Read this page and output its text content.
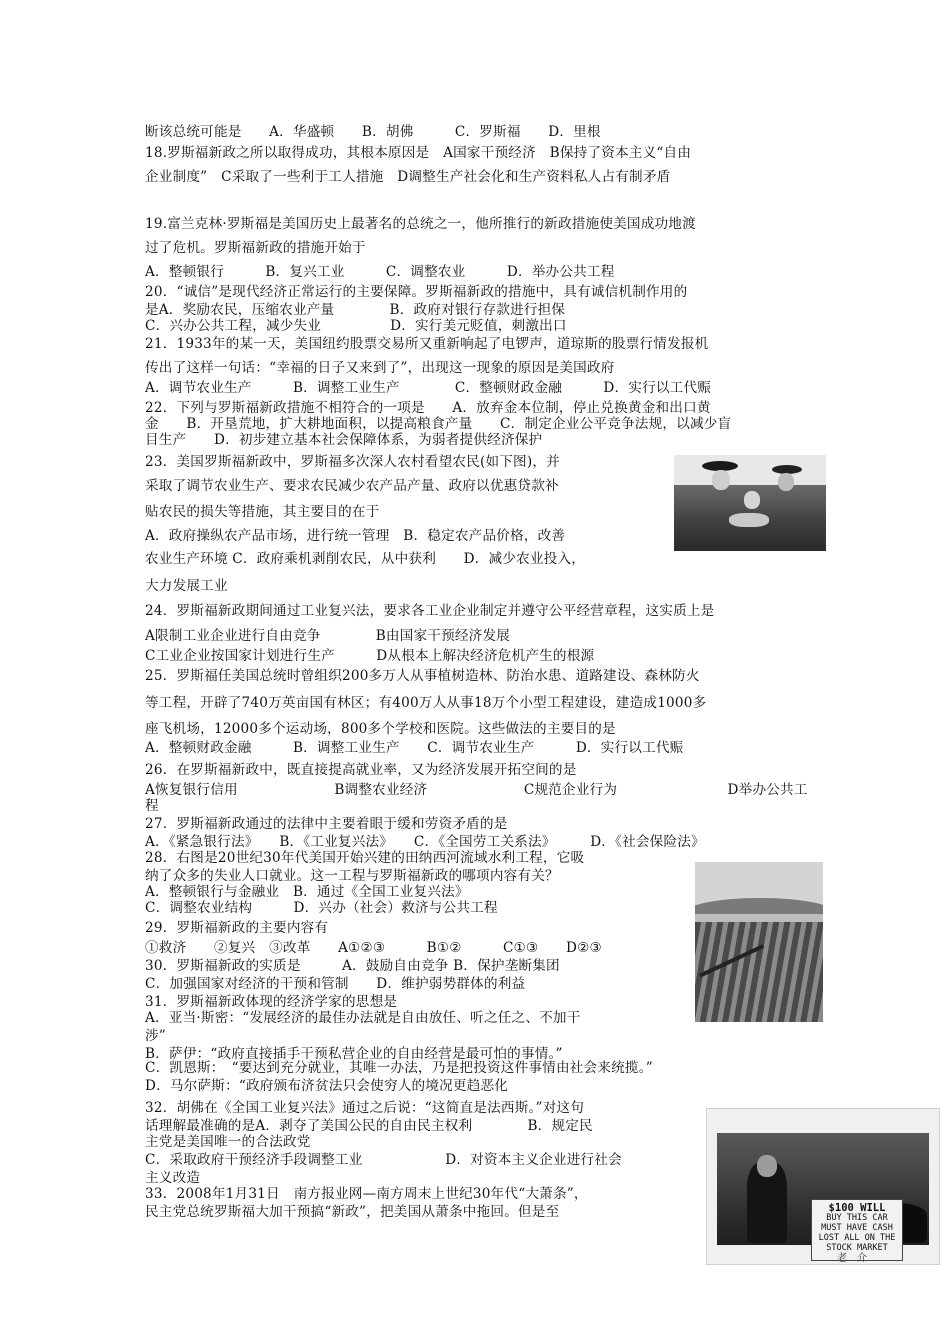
断该总统可能是　　A．华盛顿　　B．胡佛　　　C．罗斯福　　D．里根
18.罗斯福新政之所以取得成功，其根本原因是　A国家干预经济　B保持了资本主义“自由
企业制度”　C采取了一些利于工人措施　D调整生产社会化和生产资料私人占有制矛盾
19.富兰克林·罗斯福是美国历史上最著名的总统之一，他所推行的新政措施使美国成功地渡
过了危机。罗斯福新政的措施开始于
A．整顿银行　　　B．复兴工业　　　C．调整农业　　　D．举办公共工程
20．“诚信”是现代经济正常运行的主要保障。罗斯福新政的措施中，具有诚信机制作用的
是A．奖励农民，压缩农业产量　　　　B．政府对银行存款进行担保
C．兴办公共工程，减少失业　　　　　D．实行美元贬值，刺激出口
21．1933年的某一天，美国纽约股票交易所又重新响起了电锣声，道琼斯的股票行情发报机
传出了这样一句话：“幸福的日子又来到了”，出现这一现象的原因是美国政府
A．调节农业生产　　　B．调整工业生产　　　　C．整顿财政金融　　　D．实行以工代赈
22．下列与罗斯福新政措施不相符合的一项是　　A．放弃金本位制，停止兑换黄金和出口黄
金　　B．开垦荒地，扩大耕地面积，以提高粮食产量　　C．制定企业公平竞争法规，以减少盲
目生产　　D．初步建立基本社会保障体系，为弱者提供经济保护
23．美国罗斯福新政中，罗斯福多次深人农村看望农民(如下图)，并
采取了调节农业生产、要求农民减少农产品产量、政府以优惠贷款补
贴农民的损失等措施，其主要目的在于
A．政府操纵农产品市场，进行统一管理　B．稳定农产品价格，改善
农业生产环境 C．政府乘机剥削农民，从中获利　　D．减少农业投入，
大力发展工业
24．罗斯福新政期间通过工业复兴法，要求各工业企业制定并遵守公平经营章程，这实质上是
A限制工业企业进行自由竞争　　　　B由国家干预经济发展
C工业企业按国家计划进行生产　　　D从根本上解决经济危机产生的根源
25．罗斯福任美国总统时曾组织200多万人从事植树造林、防治水患、道路建设、森林防火
等工程，开辟了740万英亩国有林区；有400万人从事18万个小型工程建设，建造成1000多
座飞机场，12000多个运动场，800多个学校和医院。这些做法的主要目的是
A．整顿财政金融　　　B．调整工业生产　　C．调节农业生产　　　D．实行以工代赈
26．在罗斯福新政中，既直接提高就业率，又为经济发展开拓空间的是
A恢复银行信用　　　　　　　B调整农业经济　　　　　　　C规范企业行为　　　　　　　　D举办公共工
程
27．罗斯福新政通过的法律中主要着眼于缓和劳资矛盾的是
A．《紧急银行法》　　B．《工业复兴法》　　C．《全国劳工关系法》　　　D．《社会保险法》
28．右图是20世纪30年代美国开始兴建的田纳西河流域水利工程，它吸
纳了众多的失业人口就业。这一工程与罗斯福新政的哪项内容有关？
A．整顿银行与金融业　B．通过《全国工业复兴法》
C．调整农业结构　　　D．兴办（社会）救济与公共工程
29．罗斯福新政的主要内容有
①救济　　②复兴　③改革　　A①②③　　　B①②　　　C①③　　D②③
30．罗斯福新政的实质是　　　A．鼓励自由竞争 B．保护垄断集团
C．加强国家对经济的干预和管制　　D．维护弱势群体的利益
31．罗斯福新政体现的经济学家的思想是
A．亚当·斯密：“发展经济的最佳办法就是自由放任、听之任之、不加干
涉”
B．萨伊：“政府直接插手干预私营企业的自由经营是最可怕的事情。”
C．凯恩斯：　“要达到充分就业，其唯一办法，乃是把投资这件事情由社会来统揽。”
D．马尔萨斯：“政府颁布济贫法只会使穷人的境况更趋恶化
32．胡佛在《全国工业复兴法》通过之后说：“这简直是法西斯。”对这句
话理解最准确的是A．剥夺了美国公民的自由民主权利　　　　B．规定民
主党是美国唯一的合法政党
C．采取政府干预经济手段调整工业　　　　　　D．对资本主义企业进行社会
主义改造
33．2008年1月31日　南方报业网—南方周末上世纪30年代“大萧条”，
民主党总统罗斯福大加干预搞“新政”，把美国从萧条中拖回。但是至	$100 WILL
BUY THIS CAR
MUST HAVE CASH
LOST ALL ON THE
STOCK MARKET
老　介
